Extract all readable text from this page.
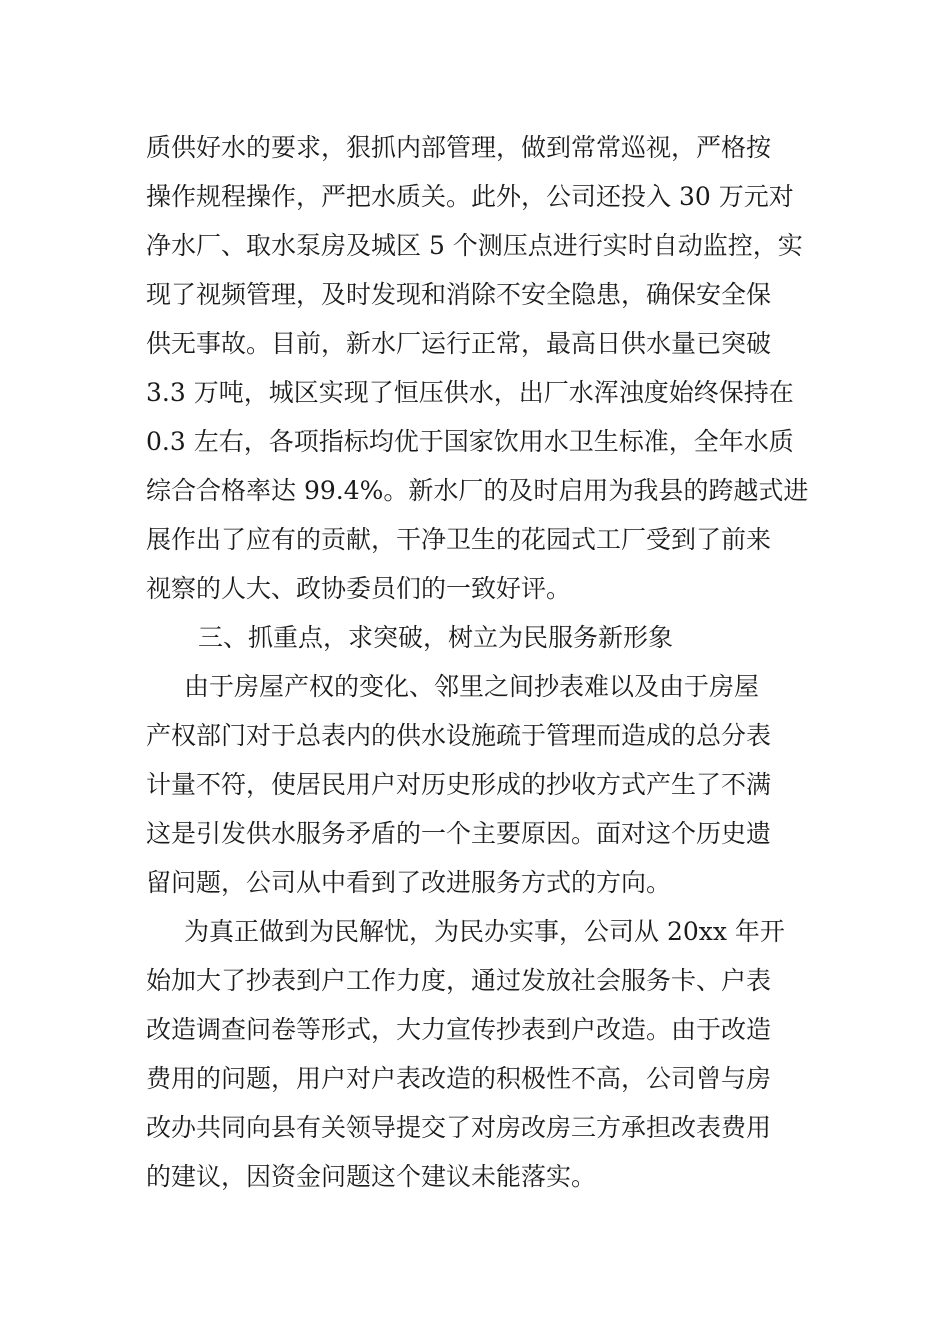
质供好水的要求，狠抓内部管理，做到常常巡视，严格按
操作规程操作，严把水质关。此外，公司还投入 30 万元对
净水厂、取水泵房及城区 5 个测压点进行实时自动监控，实
现了视频管理，及时发现和消除不安全隐患，确保安全保
供无事故。目前，新水厂运行正常，最高日供水量已突破
3.3 万吨，城区实现了恒压供水，出厂水浑浊度始终保持在
0.3 左右，各项指标均优于国家饮用水卫生标准，全年水质
综合合格率达 99.4%。新水厂的及时启用为我县的跨越式进
展作出了应有的贡献，干净卫生的花园式工厂受到了前来
视察的人大、政协委员们的一致好评。
三、抓重点，求突破，树立为民服务新形象
由于房屋产权的变化、邻里之间抄表难以及由于房屋
产权部门对于总表内的供水设施疏于管理而造成的总分表
计量不符，使居民用户对历史形成的抄收方式产生了不满
这是引发供水服务矛盾的一个主要原因。面对这个历史遗
留问题，公司从中看到了改进服务方式的方向。
为真正做到为民解忧，为民办实事，公司从 20xx 年开
始加大了抄表到户工作力度，通过发放社会服务卡、户表
改造调查问卷等形式，大力宣传抄表到户改造。由于改造
费用的问题，用户对户表改造的积极性不高，公司曾与房
改办共同向县有关领导提交了对房改房三方承担改表费用
的建议，因资金问题这个建议未能落实。
